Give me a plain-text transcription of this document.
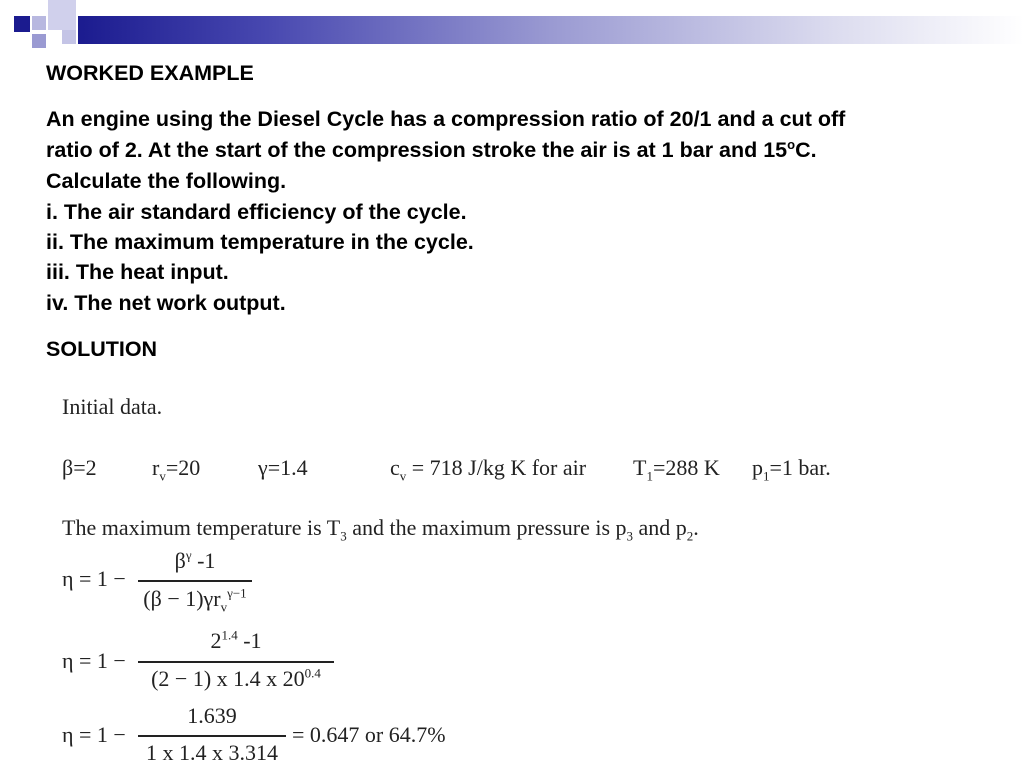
WORKED EXAMPLE
An engine using the Diesel Cycle has a compression ratio of 20/1 and a cut off
ratio of 2. At the start of the compression stroke the air is at 1 bar and 15$^o$C.
Calculate the following.
i. The air standard efficiency of the cycle.
ii. The maximum temperature in the cycle.
iii. The heat input.
iv. The net work output.
SOLUTION
Initial data.
β=2	$r_v=20$	γ=1.4	$c_v = 718$ J/kg K for air $T_1=288$ K $p_1=1$ bar.
The maximum temperature is $T_3$ and the maximum pressure is $p_3$ and $p_2$.
η = 1 −
$\beta^\gamma$ -1
$(\beta - 1)\gamma r_v^{\gamma-1}$
η = 1 −
$2^{1.4}$ -1
(2 − 1) x 1.4 x $20^{0.4}$
η = 1 −
1.639
1 x 1.4 x 3.314
= 0.647 or 64.7%
